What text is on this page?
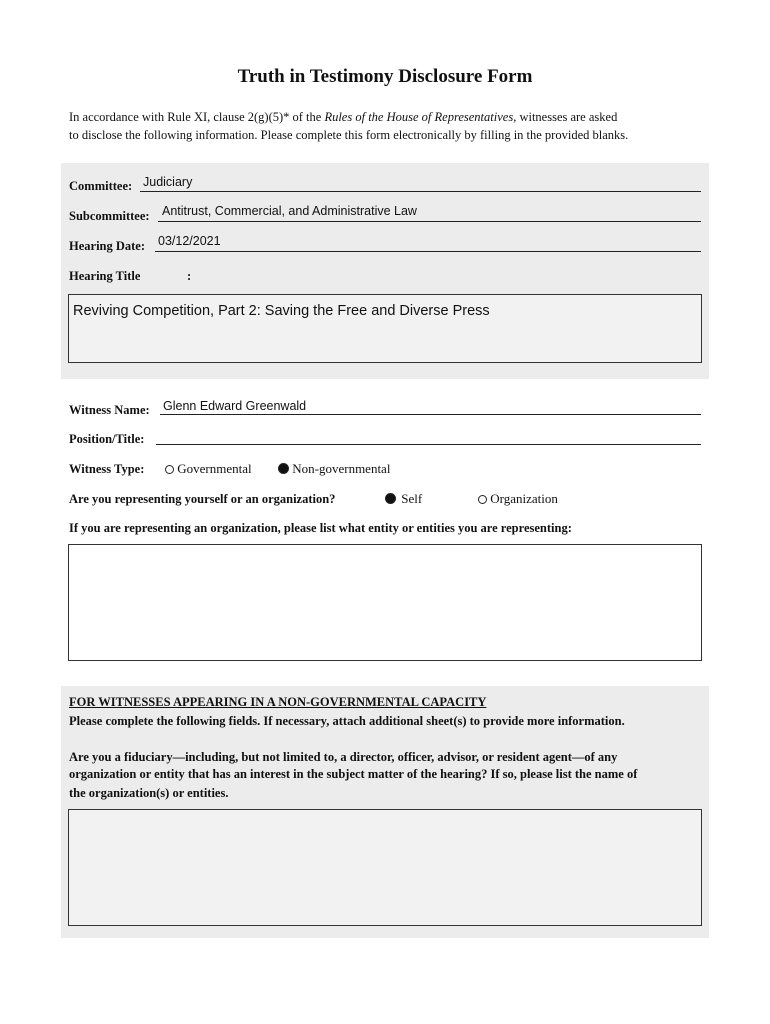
Truth in Testimony Disclosure Form
In accordance with Rule XI, clause 2(g)(5)* of the Rules of the House of Representatives, witnesses are asked
to disclose the following information. Please complete this form electronically by filling in the provided blanks.
Committee: Judiciary
Subcommittee: Antitrust, Commercial, and Administrative Law
Hearing Date: 03/12/2021
Hearing Title	:
Reviving Competition, Part 2: Saving the Free and Diverse Press
Witness Name: Glenn Edward Greenwald
Position/Title:
Witness Type:	Governmental	Non-governmental
Are you representing yourself or an organization?	Self	Organization
If you are representing an organization, please list what entity or entities you are representing:
FOR WITNESSES APPEARING IN A NON-GOVERNMENTAL CAPACITY
Please complete the following fields. If necessary, attach additional sheet(s) to provide more information.
Are you a fiduciary—including, but not limited to, a director, officer, advisor, or resident agent—of any
organization or entity that has an interest in the subject matter of the hearing? If so, please list the name of
the organization(s) or entities.
